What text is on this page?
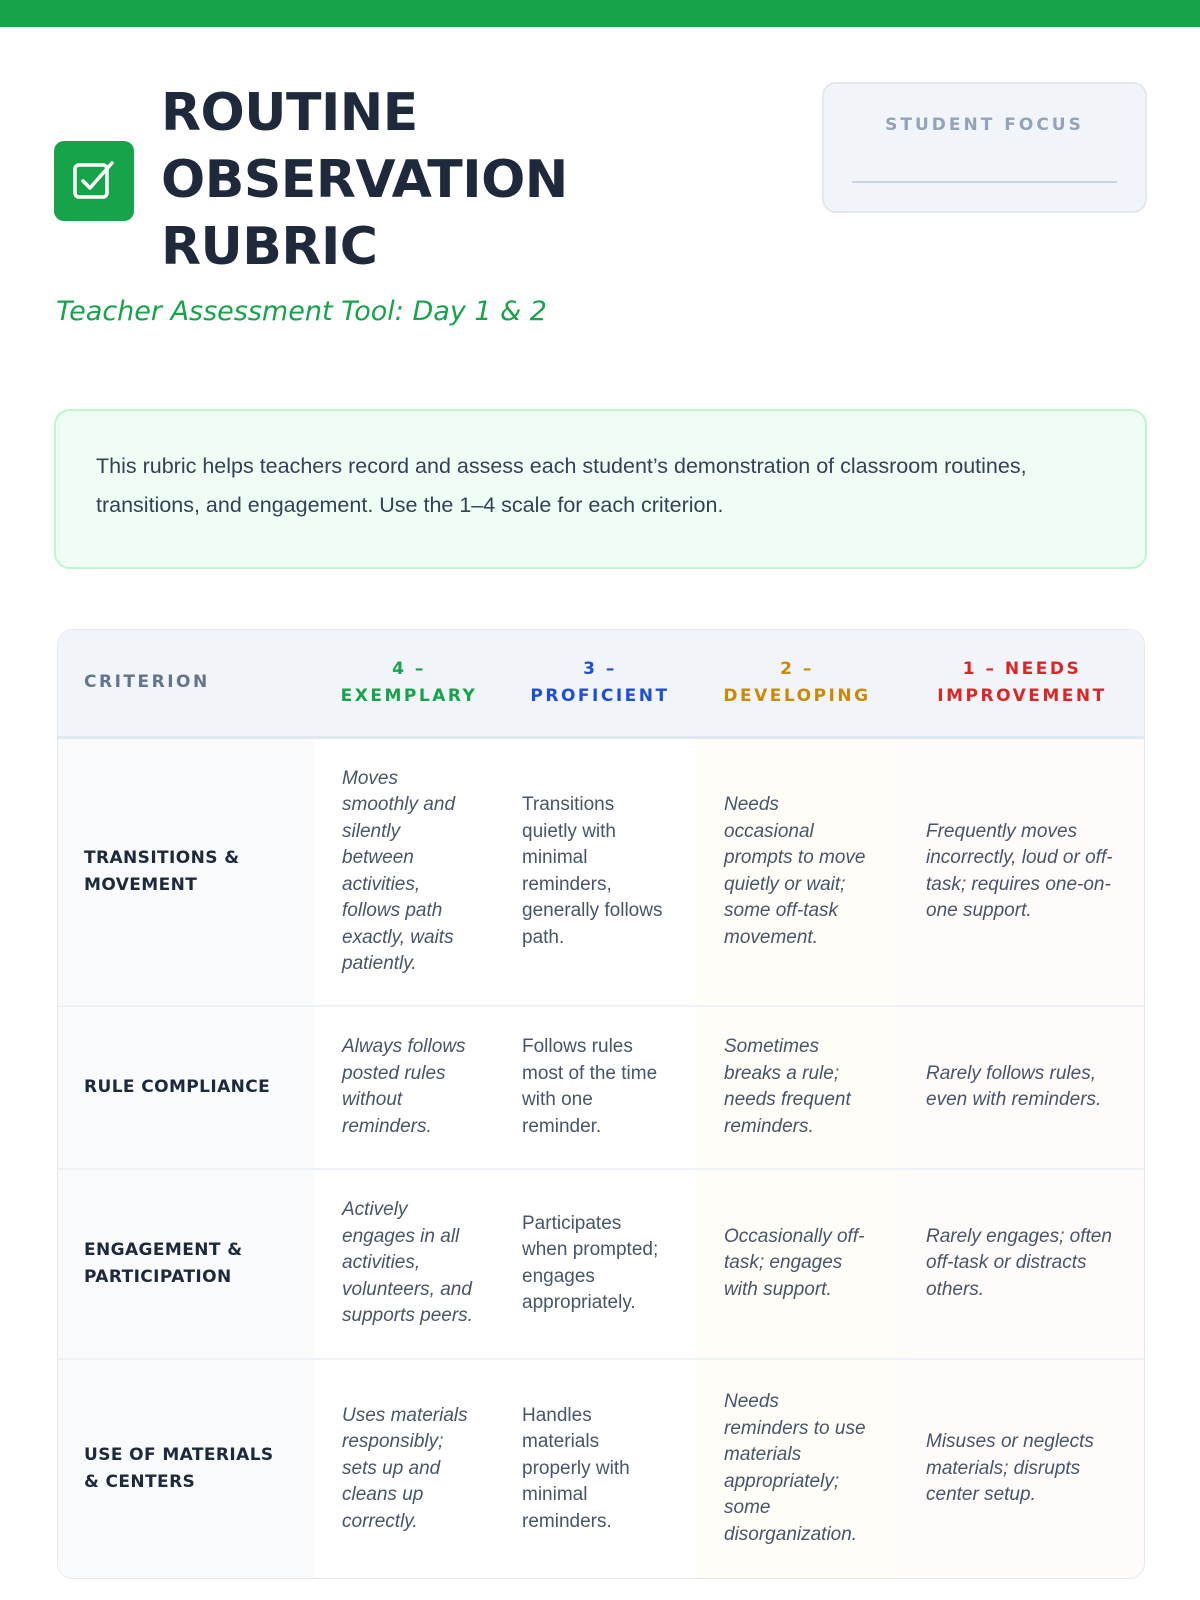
ROUTINE
OBSERVATION
RUBRIC
Teacher Assessment Tool: Day 1 & 2
STUDENT FOCUS

This rubric helps teachers record and assess each student’s demonstration of classroom routines, transitions, and engagement. Use the 1–4 scale for each criterion.

CRITERION	4 – EXEMPLARY	3 – PROFICIENT	2 – DEVELOPING	1 – NEEDS IMPROVEMENT
TRANSITIONS & MOVEMENT	Moves smoothly and silently between activities, follows path exactly, waits patiently.	Transitions quietly with minimal reminders, generally follows path.	Needs occasional prompts to move quietly or wait; some off-task movement.	Frequently moves incorrectly, loud or off-task; requires one-on-one support.
RULE COMPLIANCE	Always follows posted rules without reminders.	Follows rules most of the time with one reminder.	Sometimes breaks a rule; needs frequent reminders.	Rarely follows rules, even with reminders.
ENGAGEMENT & PARTICIPATION	Actively engages in all activities, volunteers, and supports peers.	Participates when prompted; engages appropriately.	Occasionally off-task; engages with support.	Rarely engages; often off-task or distracts others.
USE OF MATERIALS & CENTERS	Uses materials responsibly; sets up and cleans up correctly.	Handles materials properly with minimal reminders.	Needs reminders to use materials appropriately; some disorganization.	Misuses or neglects materials; disrupts center setup.
